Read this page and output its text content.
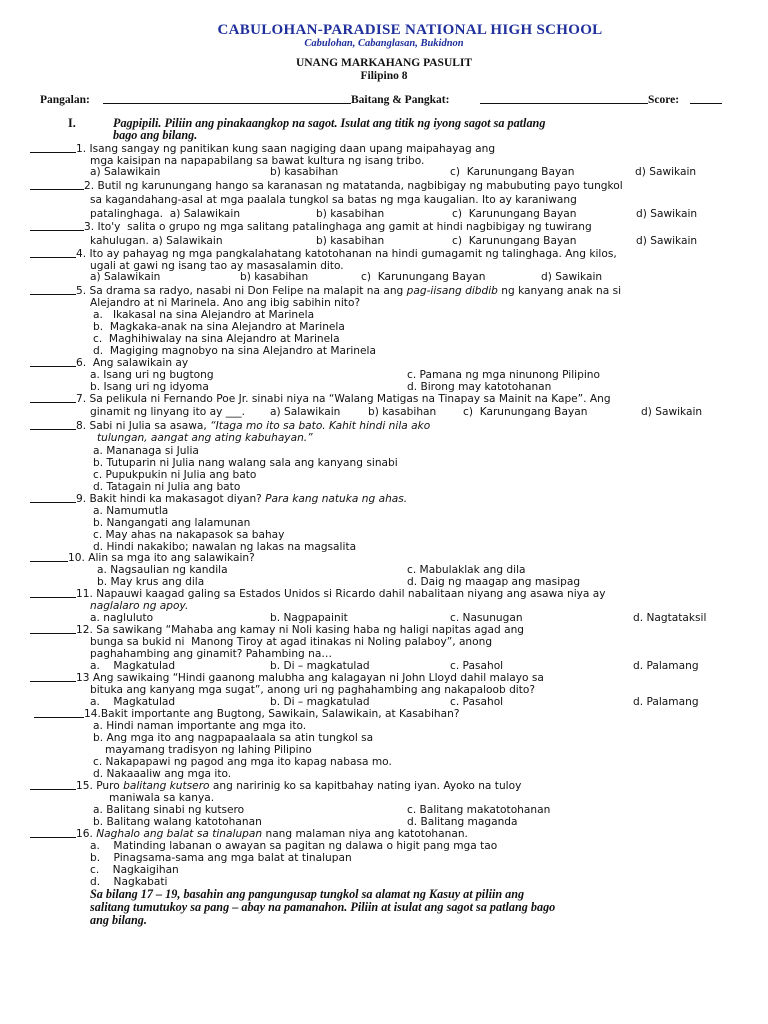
CABULOHAN-PARADISE NATIONAL HIGH SCHOOL
Cabulohan, Cabanglasan, Bukidnon
UNANG MARKAHANG PASULIT
Filipino 8
Pangalan:	Baitang & Pangkat:	Score:
I.	Pagpipili. Piliin ang pinakaangkop na sagot. Isulat ang titik ng iyong sagot sa patlang
bago ang bilang.
1. Isang sangay ng panitikan kung saan nagiging daan upang maipahayag ang
mga kaisipan na napapabilang sa bawat kultura ng isang tribo.
a) Salawikain	b) kasabihan	c)  Karunungang Bayan	d) Sawikain
2. Butil ng karunungang hango sa karanasan ng matatanda, nagbibigay ng mabubuting payo tungkol
sa kagandahang-asal at mga paalala tungkol sa batas ng mga kaugalian. Ito ay karaniwang
patalinghaga.  a) Salawikain	b) kasabihan	c)  Karunungang Bayan	d) Sawikain
3. Ito'y  salita o grupo ng mga salitang patalinghaga ang gamit at hindi nagbibigay ng tuwirang
kahulugan. a) Salawikain	b) kasabihan	c)  Karunungang Bayan	d) Sawikain
4. Ito ay pahayag ng mga pangkalahatang katotohanan na hindi gumagamit ng talinghaga. Ang kilos,
ugali at gawi ng isang tao ay masasalamin dito.
a) Salawikain	b) kasabihan	c)  Karunungang Bayan	d) Sawikain
5. Sa drama sa radyo, nasabi ni Don Felipe na malapit na ang pag-iisang dibdib ng kanyang anak na si
Alejandro at ni Marinela. Ano ang ibig sabihin nito?
a.   Ikakasal na sina Alejandro at Marinela
b.  Magkaka-anak na sina Alejandro at Marinela
c.  Maghihiwalay na sina Alejandro at Marinela
d.  Magiging magnobyo na sina Alejandro at Marinela
6.  Ang salawikain ay
a. Isang uri ng bugtong	c. Pamana ng mga ninunong Pilipino
b. Isang uri ng idyoma	d. Birong may katotohanan
7. Sa pelikula ni Fernando Poe Jr. sinabi niya na “Walang Matigas na Tinapay sa Mainit na Kape”. Ang
ginamit ng linyang ito ay ___. a) Salawikain	b) kasabihan	c)  Karunungang Bayan	d) Sawikain
8. Sabi ni Julia sa asawa, “Itaga mo ito sa bato. Kahit hindi nila ako
tulungan, aangat ang ating kabuhayan.”
a. Mananaga si Julia
b. Tutuparin ni Julia nang walang sala ang kanyang sinabi
c. Pupukpukin ni Julia ang bato
d. Tatagain ni Julia ang bato
9. Bakit hindi ka makasagot diyan? Para kang natuka ng ahas.
a. Namumutla
b. Nangangati ang lalamunan
c. May ahas na nakapasok sa bahay
d. Hindi nakakibo; nawalan ng lakas na magsalita
10. Alin sa mga ito ang salawikain?
a. Nagsaulian ng kandila	c. Mabulaklak ang dila
b. May krus ang dila	d. Daig ng maagap ang masipag
11. Napauwi kaagad galing sa Estados Unidos si Ricardo dahil nabalitaan niyang ang asawa niya ay
naglalaro ng apoy.
a. nagluluto	b. Nagpapainit	c. Nasunugan	d. Nagtataksil
12. Sa sawikang “Mahaba ang kamay ni Noli kasing haba ng haligi napitas agad ang
bunga sa bukid ni  Manong Tiroy at agad itinakas ni Noling palaboy”, anong
paghahambing ang ginamit? Pahambing na…
a.    Magkatulad	b. Di – magkatulad	c. Pasahol	d. Palamang
13 Ang sawikaing “Hindi gaanong malubha ang kalagayan ni John Lloyd dahil malayo sa
bituka ang kanyang mga sugat”, anong uri ng paghahambing ang nakapaloob dito?
a.    Magkatulad	b. Di – magkatulad	c. Pasahol	d. Palamang
14.Bakit importante ang Bugtong, Sawikain, Salawikain, at Kasabihan?
a. Hindi naman importante ang mga ito.
b. Ang mga ito ang nagpapaalaala sa atin tungkol sa
mayamang tradisyon ng lahing Pilipino
c. Nakapapawi ng pagod ang mga ito kapag nabasa mo.
d. Nakaaaliw ang mga ito.
15. Puro balitang kutsero ang naririnig ko sa kapitbahay nating iyan. Ayoko na tuloy
maniwala sa kanya.
a. Balitang sinabi ng kutsero	c. Balitang makatotohanan
b. Balitang walang katotohanan	d. Balitang maganda
16. Naghalo ang balat sa tinalupan nang malaman niya ang katotohanan.
a.    Matinding labanan o awayan sa pagitan ng dalawa o higit pang mga tao
b.    Pinagsama-sama ang mga balat at tinalupan
c.    Nagkaigihan
d.    Nagkabati
Sa bilang 17 – 19, basahin ang pangungusap tungkol sa alamat ng Kasuy at piliin ang
salitang tumutukoy sa pang – abay na pamanahon. Piliin at isulat ang sagot sa patlang bago
ang bilang.
